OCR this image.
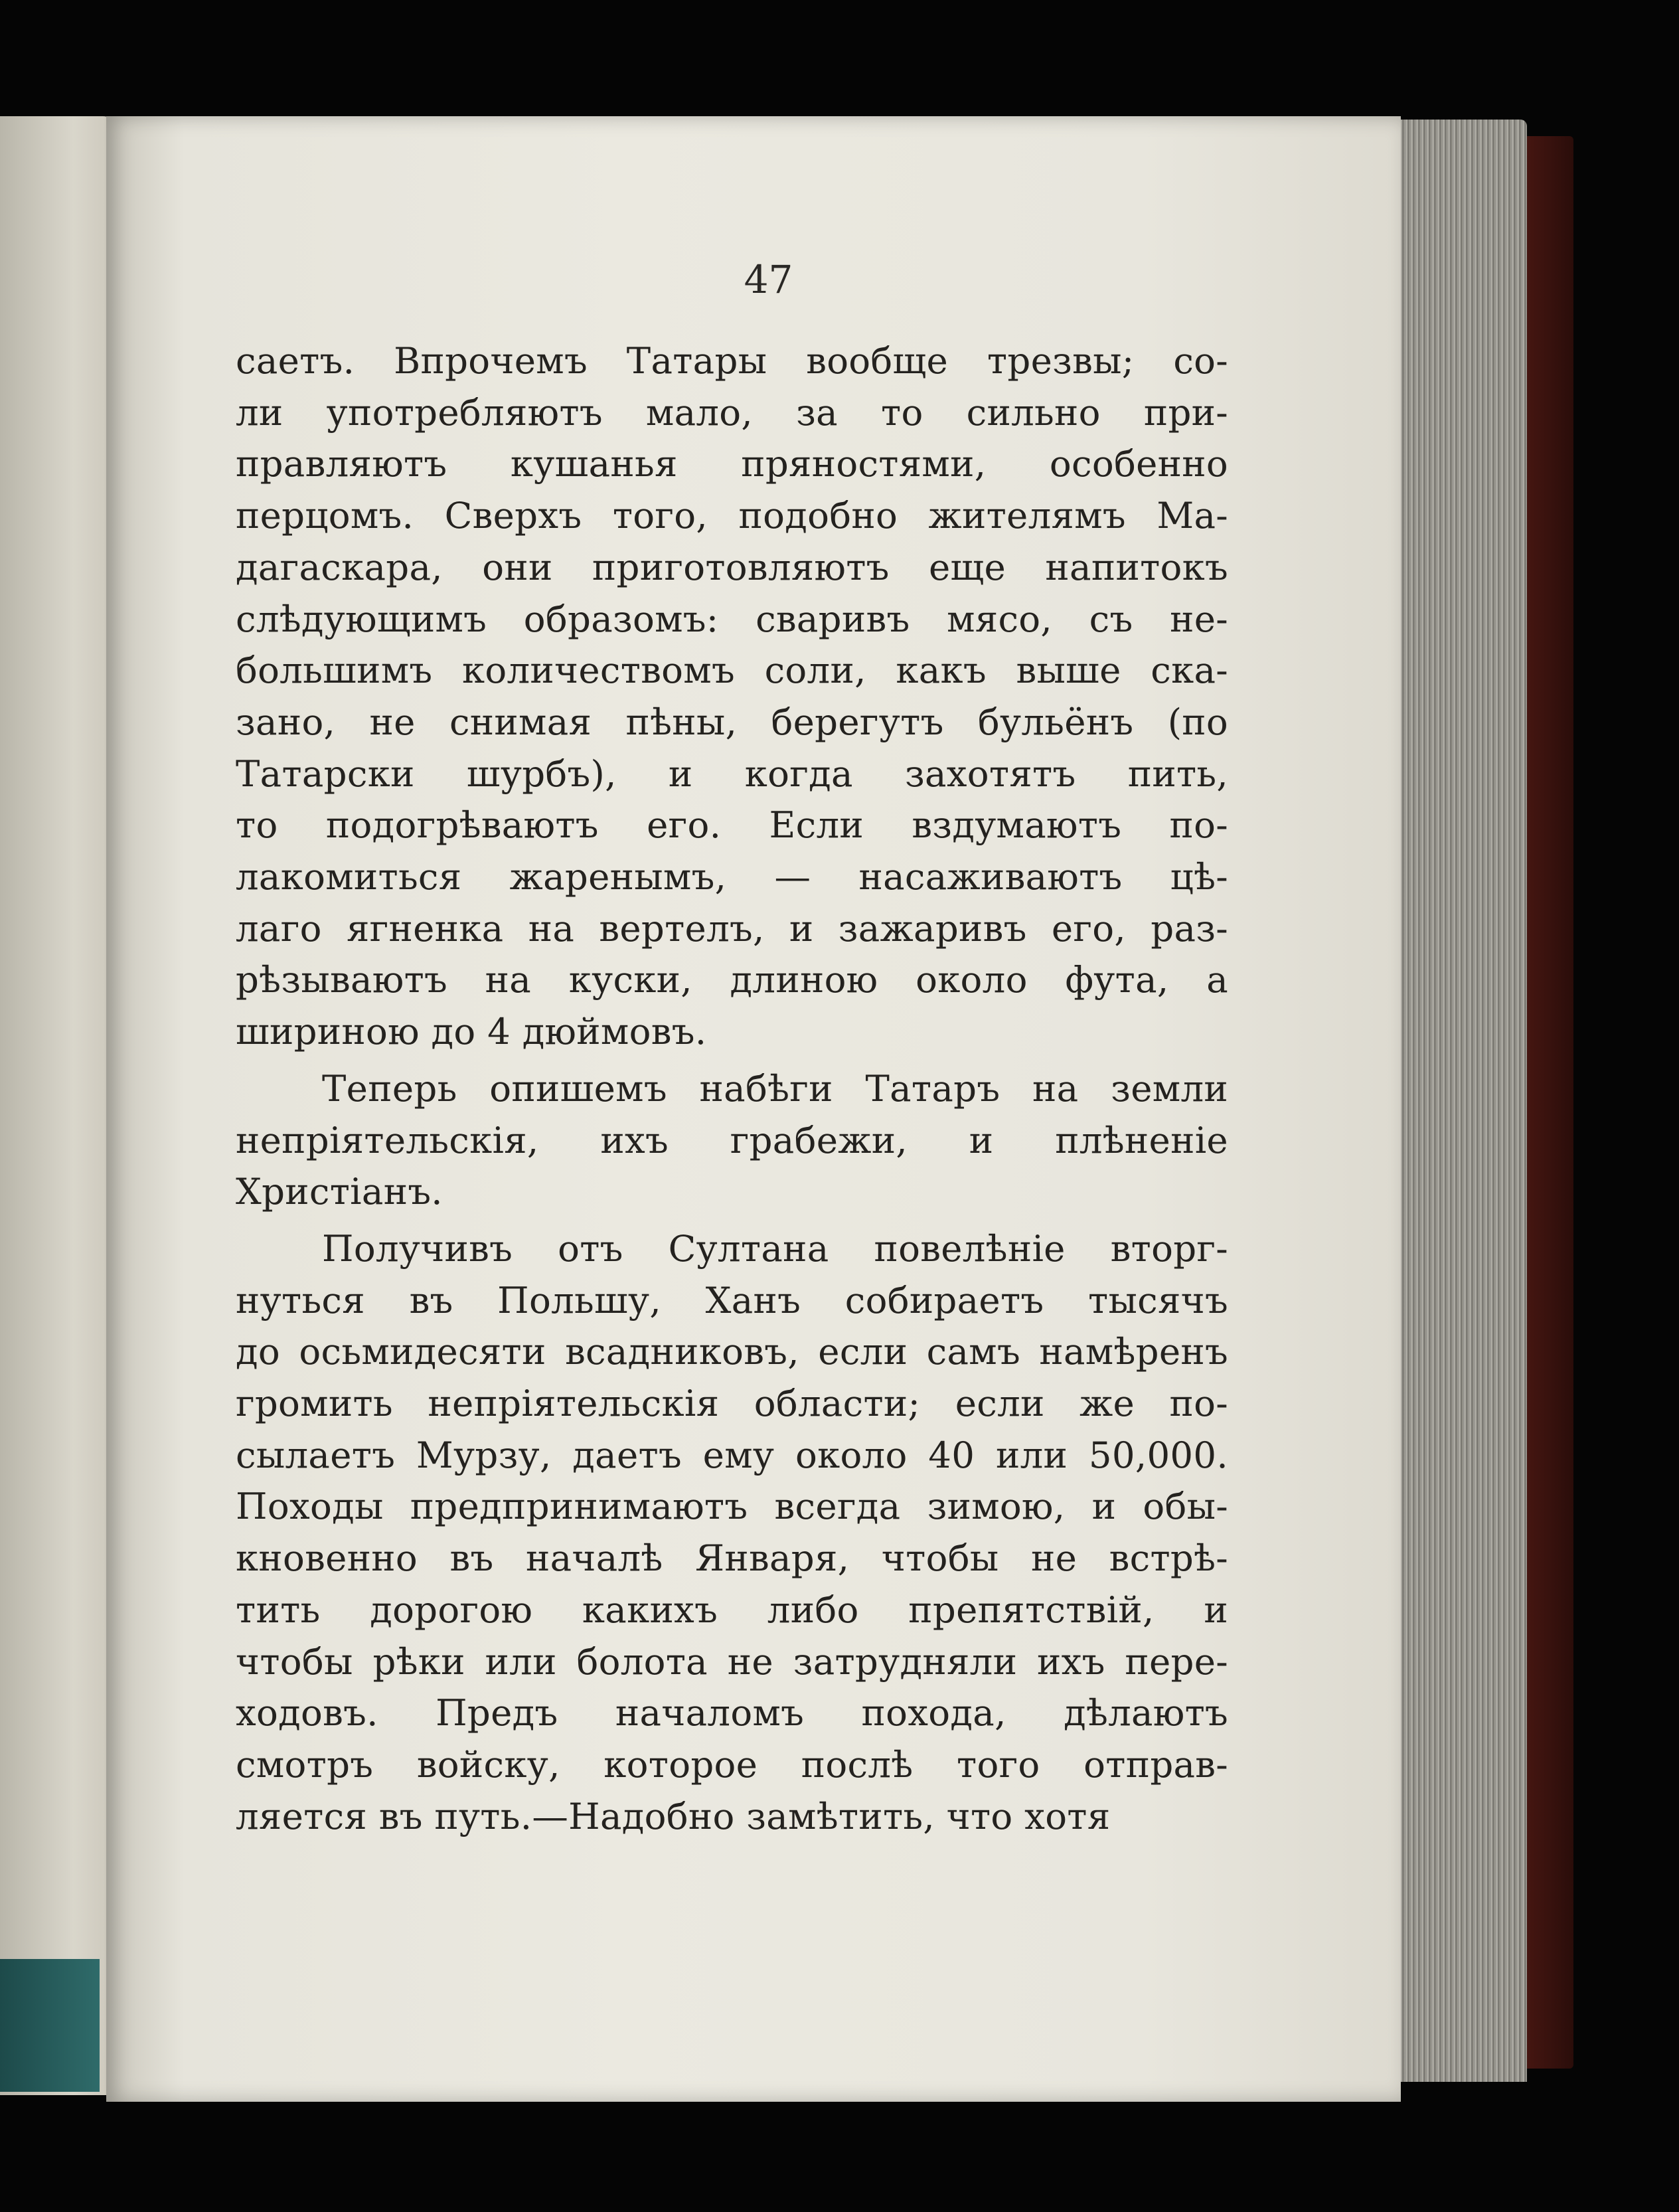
47

саетъ. Впрочемъ Татары вообще трезвы; со-
ли употребляютъ мало, за то сильно при-
правляютъ кушанья пряностями, особенно
перцомъ. Сверхъ того, подобно жителямъ Ма-
дагаскара, они приготовляютъ еще напитокъ
слѣдующимъ образомъ: сваривъ мясо, съ не-
большимъ количествомъ соли, какъ выше ска-
зано, не снимая пѣны, берегутъ бульёнъ (по
Татарски шурбъ), и когда захотятъ пить,
то подогрѣваютъ его. Если вздумаютъ по-
лакомиться жаренымъ, — насаживаютъ цѣ-
лаго ягненка на вертелъ, и зажаривъ его, раз-
рѣзываютъ на куски, длиною около фута, а
шириною до 4 дюймовъ.

Теперь опишемъ набѣги Татаръ на земли
непріятельскія, ихъ грабежи, и плѣненіе
Христіанъ.

Получивъ отъ Султана повелѣніе вторг-
нуться въ Польшу, Ханъ собираетъ тысячъ
до осьмидесяти всадниковъ, если самъ намѣренъ
громить непріятельскія области; если же по-
сылаетъ Мурзу, даетъ ему около 40 или 50,000.
Походы предпринимаютъ всегда зимою, и обы-
кновенно въ началѣ Января, чтобы не встрѣ-
тить дорогою какихъ либо препятствій, и
чтобы рѣки или болота не затрудняли ихъ пере-
ходовъ. Предъ началомъ похода, дѣлаютъ
смотръ войску, которое послѣ того отправ-
ляется въ путь.—Надобно замѣтить, что хотя
